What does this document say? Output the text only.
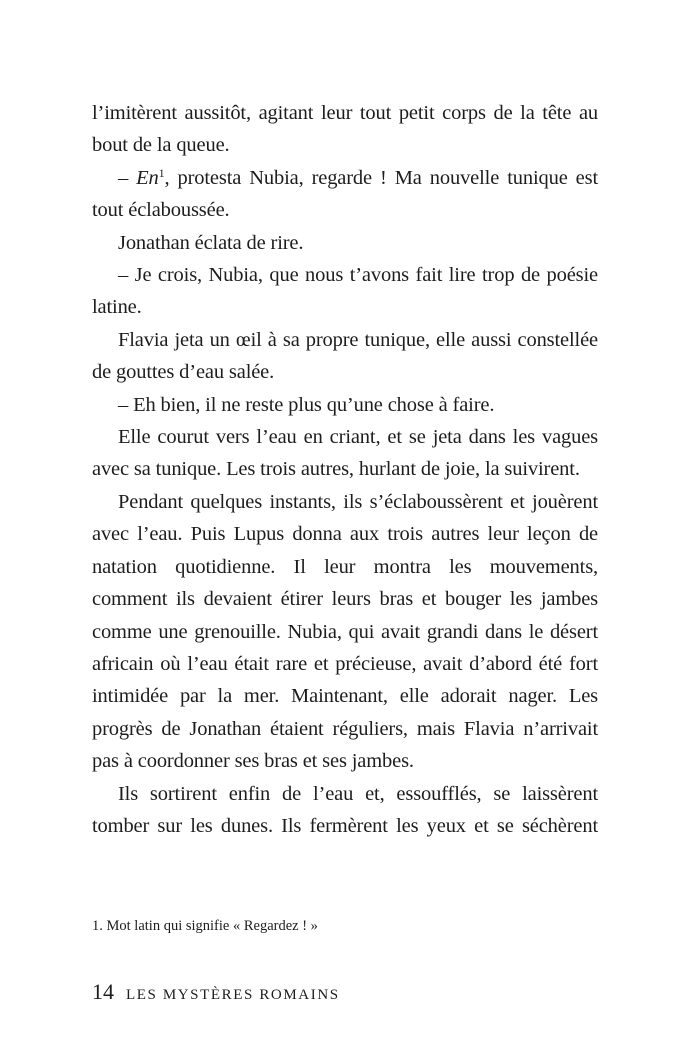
l’imitèrent aussitôt, agitant leur tout petit corps de la tête au bout de la queue.

– En$^1$, protesta Nubia, regarde ! Ma nouvelle tunique est tout éclaboussée.

Jonathan éclata de rire.

– Je crois, Nubia, que nous t’avons fait lire trop de poésie latine.

Flavia jeta un œil à sa propre tunique, elle aussi constellée de gouttes d’eau salée.

– Eh bien, il ne reste plus qu’une chose à faire.

Elle courut vers l’eau en criant, et se jeta dans les vagues avec sa tunique. Les trois autres, hurlant de joie, la suivirent.

Pendant quelques instants, ils s’éclaboussèrent et jouèrent avec l’eau. Puis Lupus donna aux trois autres leur leçon de natation quotidienne. Il leur montra les mouvements, comment ils devaient étirer leurs bras et bouger les jambes comme une grenouille. Nubia, qui avait grandi dans le désert africain où l’eau était rare et précieuse, avait d’abord été fort intimidée par la mer. Maintenant, elle adorait nager. Les progrès de Jonathan étaient réguliers, mais Flavia n’arrivait pas à coordonner ses bras et ses jambes.

Ils sortirent enfin de l’eau et, essoufflés, se laissèrent tomber sur les dunes. Ils fermèrent les yeux et se séchèrent

1. Mot latin qui signifie « Regardez ! »
14 LES MYSTÈRES ROMAINS
